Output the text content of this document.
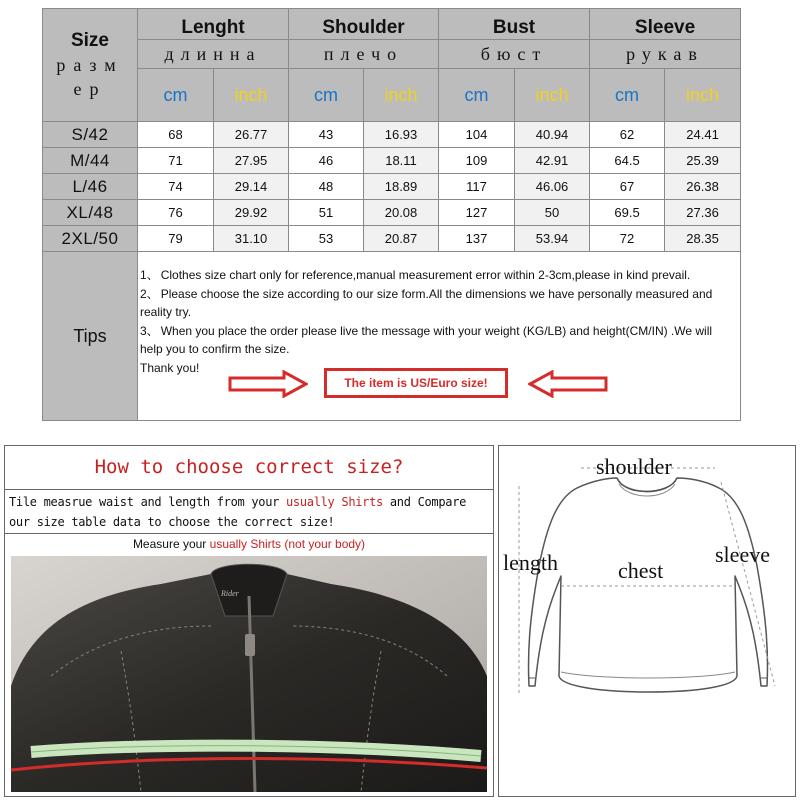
Size
разм ер	Lenght		Shoulder		Bust		Sleeve	
	длинна		плечо		бюст		рукав	
	cm	inch	cm	inch	cm	inch	cm	inch
S/42	68	26.77	43	16.93	104	40.94	62	24.41
M/44	71	27.95	46	18.11	109	42.91	64.5	25.39
L/46	74	29.14	48	18.89	117	46.06	67	26.38
XL/48	76	29.92	51	20.08	127	50	69.5	27.36
2XL/50	79	31.10	53	20.87	137	53.94	72	28.35
Tips	1、 Clothes size chart only for reference,manual measurement error within 2-3cm,please in kind prevail.

2、 Please choose the size according to our size form.All the dimensions we have personally measured and reality try.

3、 When you place the order please live the message with your weight (KG/LB) and height(CM/IN) .We will help you to confirm the size.

Thank you!

The item is US/Euro size!							
How to choose correct size?
Tile measrue waist and length from your usually Shirts and Compare our size table data to choose the correct size!
Measure your usually Shirts (not your body)
Rider
shoulder
length	chest
sleeve
